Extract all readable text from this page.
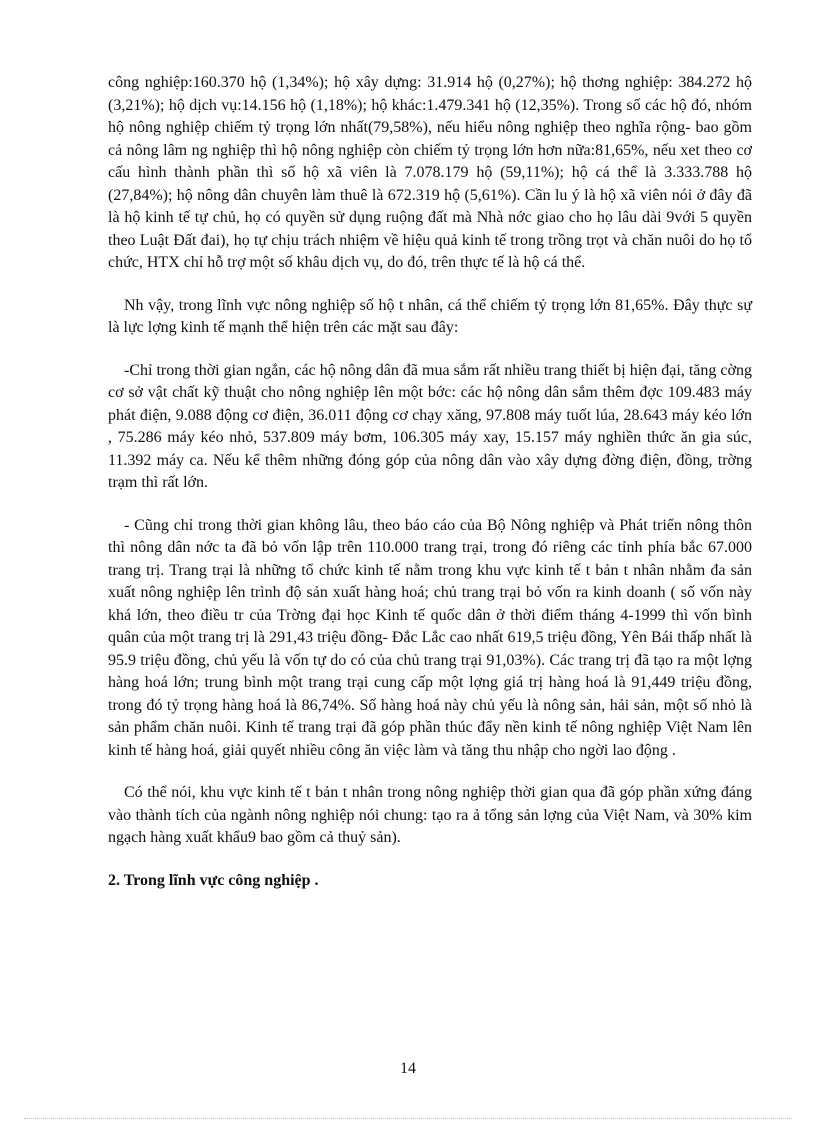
công nghiệp:160.370 hộ (1,34%); hộ xây dựng: 31.914 hộ (0,27%); hộ thơng nghiệp: 384.272 hộ (3,21%); hộ dịch vụ:14.156 hộ (1,18%); hộ khác:1.479.341 hộ (12,35%). Trong số các hộ đó, nhóm hộ nông nghiệp chiếm tỷ trọng lớn nhất(79,58%), nếu hiểu nông nghiệp theo nghĩa rộng- bao gồm cả nông lâm ng nghiệp thì hộ nông nghiệp còn chiếm tỷ trọng lớn hơn nữa:81,65%, nếu xet theo cơ cấu hình thành phần thì số hộ xã viên là 7.078.179 hộ (59,11%); hộ cá thể là 3.333.788 hộ (27,84%); hộ nông dân chuyên làm thuê là 672.319 hộ (5,61%). Cần lu ý là hộ xã viên nói ở đây đã là hộ kinh tế tự chủ, họ có quyền sử dụng ruộng đất mà Nhà nớc giao cho họ lâu dài 9với 5 quyền theo Luật Đất đai), họ tự chịu trách nhiệm về hiệu quả kinh tế trong trồng trọt và chăn nuôi do họ tổ chức, HTX chỉ hỗ trợ một số khâu dịch vụ, do đó, trên thực tế là hộ cá thể.

Nh vậy, trong lĩnh vực nông nghiệp số hộ t nhân, cá thể chiếm tỷ trọng lớn 81,65%. Đây thực sự là lực lợng kinh tế mạnh thể hiện trên các mặt sau đây:

-Chỉ trong thời gian ngắn, các hộ nông dân đã mua sắm rất nhiều trang thiết bị hiện đại, tăng cờng cơ sở vật chất kỹ thuật cho nông nghiệp lên một bớc: các hộ nông dân sắm thêm đợc 109.483 máy phát điện, 9.088 động cơ điện, 36.011 động cơ chạy xăng, 97.808 máy tuốt lúa, 28.643 máy kéo lớn , 75.286 máy kéo nhỏ, 537.809 máy bơm, 106.305 máy xay, 15.157 máy nghiền thức ăn gia súc, 11.392 máy ca. Nếu kể thêm những đóng góp của nông dân vào xây dựng đờng điện, đồng, trờng trạm thì rất lớn.

- Cũng chỉ trong thời gian không lâu, theo báo cáo của Bộ Nông nghiệp và Phát triển nông thôn thì nông dân nớc ta đã bỏ vốn lập trên 110.000 trang trại, trong đó riêng các tỉnh phía bắc 67.000 trang trị. Trang trại là những tổ chức kinh tế nằm trong khu vực kinh tế t bản t nhân nhằm đa sản xuất nông nghiệp lên trình độ sản xuất hàng hoá; chủ trang trại bỏ vốn ra kinh doanh ( số vốn này khá lớn, theo điều tr của Trờng đại học Kinh tế quốc dân ở thời điểm tháng 4-1999 thì vốn bình quân của một trang trị là 291,43 triệu đồng- Đắc Lắc cao nhất 619,5 triệu đồng, Yên Bái thấp nhất là 95.9 triệu đồng, chủ yếu là vốn tự do có của chủ trang trại 91,03%). Các trang trị đã tạo ra một lợng hàng hoá lớn; trung bình một trang trại cung cấp một lợng giá trị hàng hoá là 91,449 triệu đồng, trong đó tỷ trọng hàng hoá là 86,74%. Số hàng hoá này chủ yếu là nông sản, hải sản, một số nhỏ là sản phẩm chăn nuôi. Kinh tế trang trại đã góp phần thúc đẩy nền kinh tế nông nghiệp Việt Nam lên kinh tế hàng hoá, giải quyết nhiều công ăn việc làm và tăng thu nhập cho ngời lao động .

Có thể nói, khu vực kinh tế t bản t nhân trong nông nghiệp thời gian qua đã góp phần xứng đáng vào thành tích của ngành nông nghiệp nói chung: tạo ra ả tổng sản lợng của Việt Nam, và 30% kim ngạch hàng xuất khẩu9 bao gồm cả thuỷ sản).

2. Trong lĩnh vực công nghiệp .

14
